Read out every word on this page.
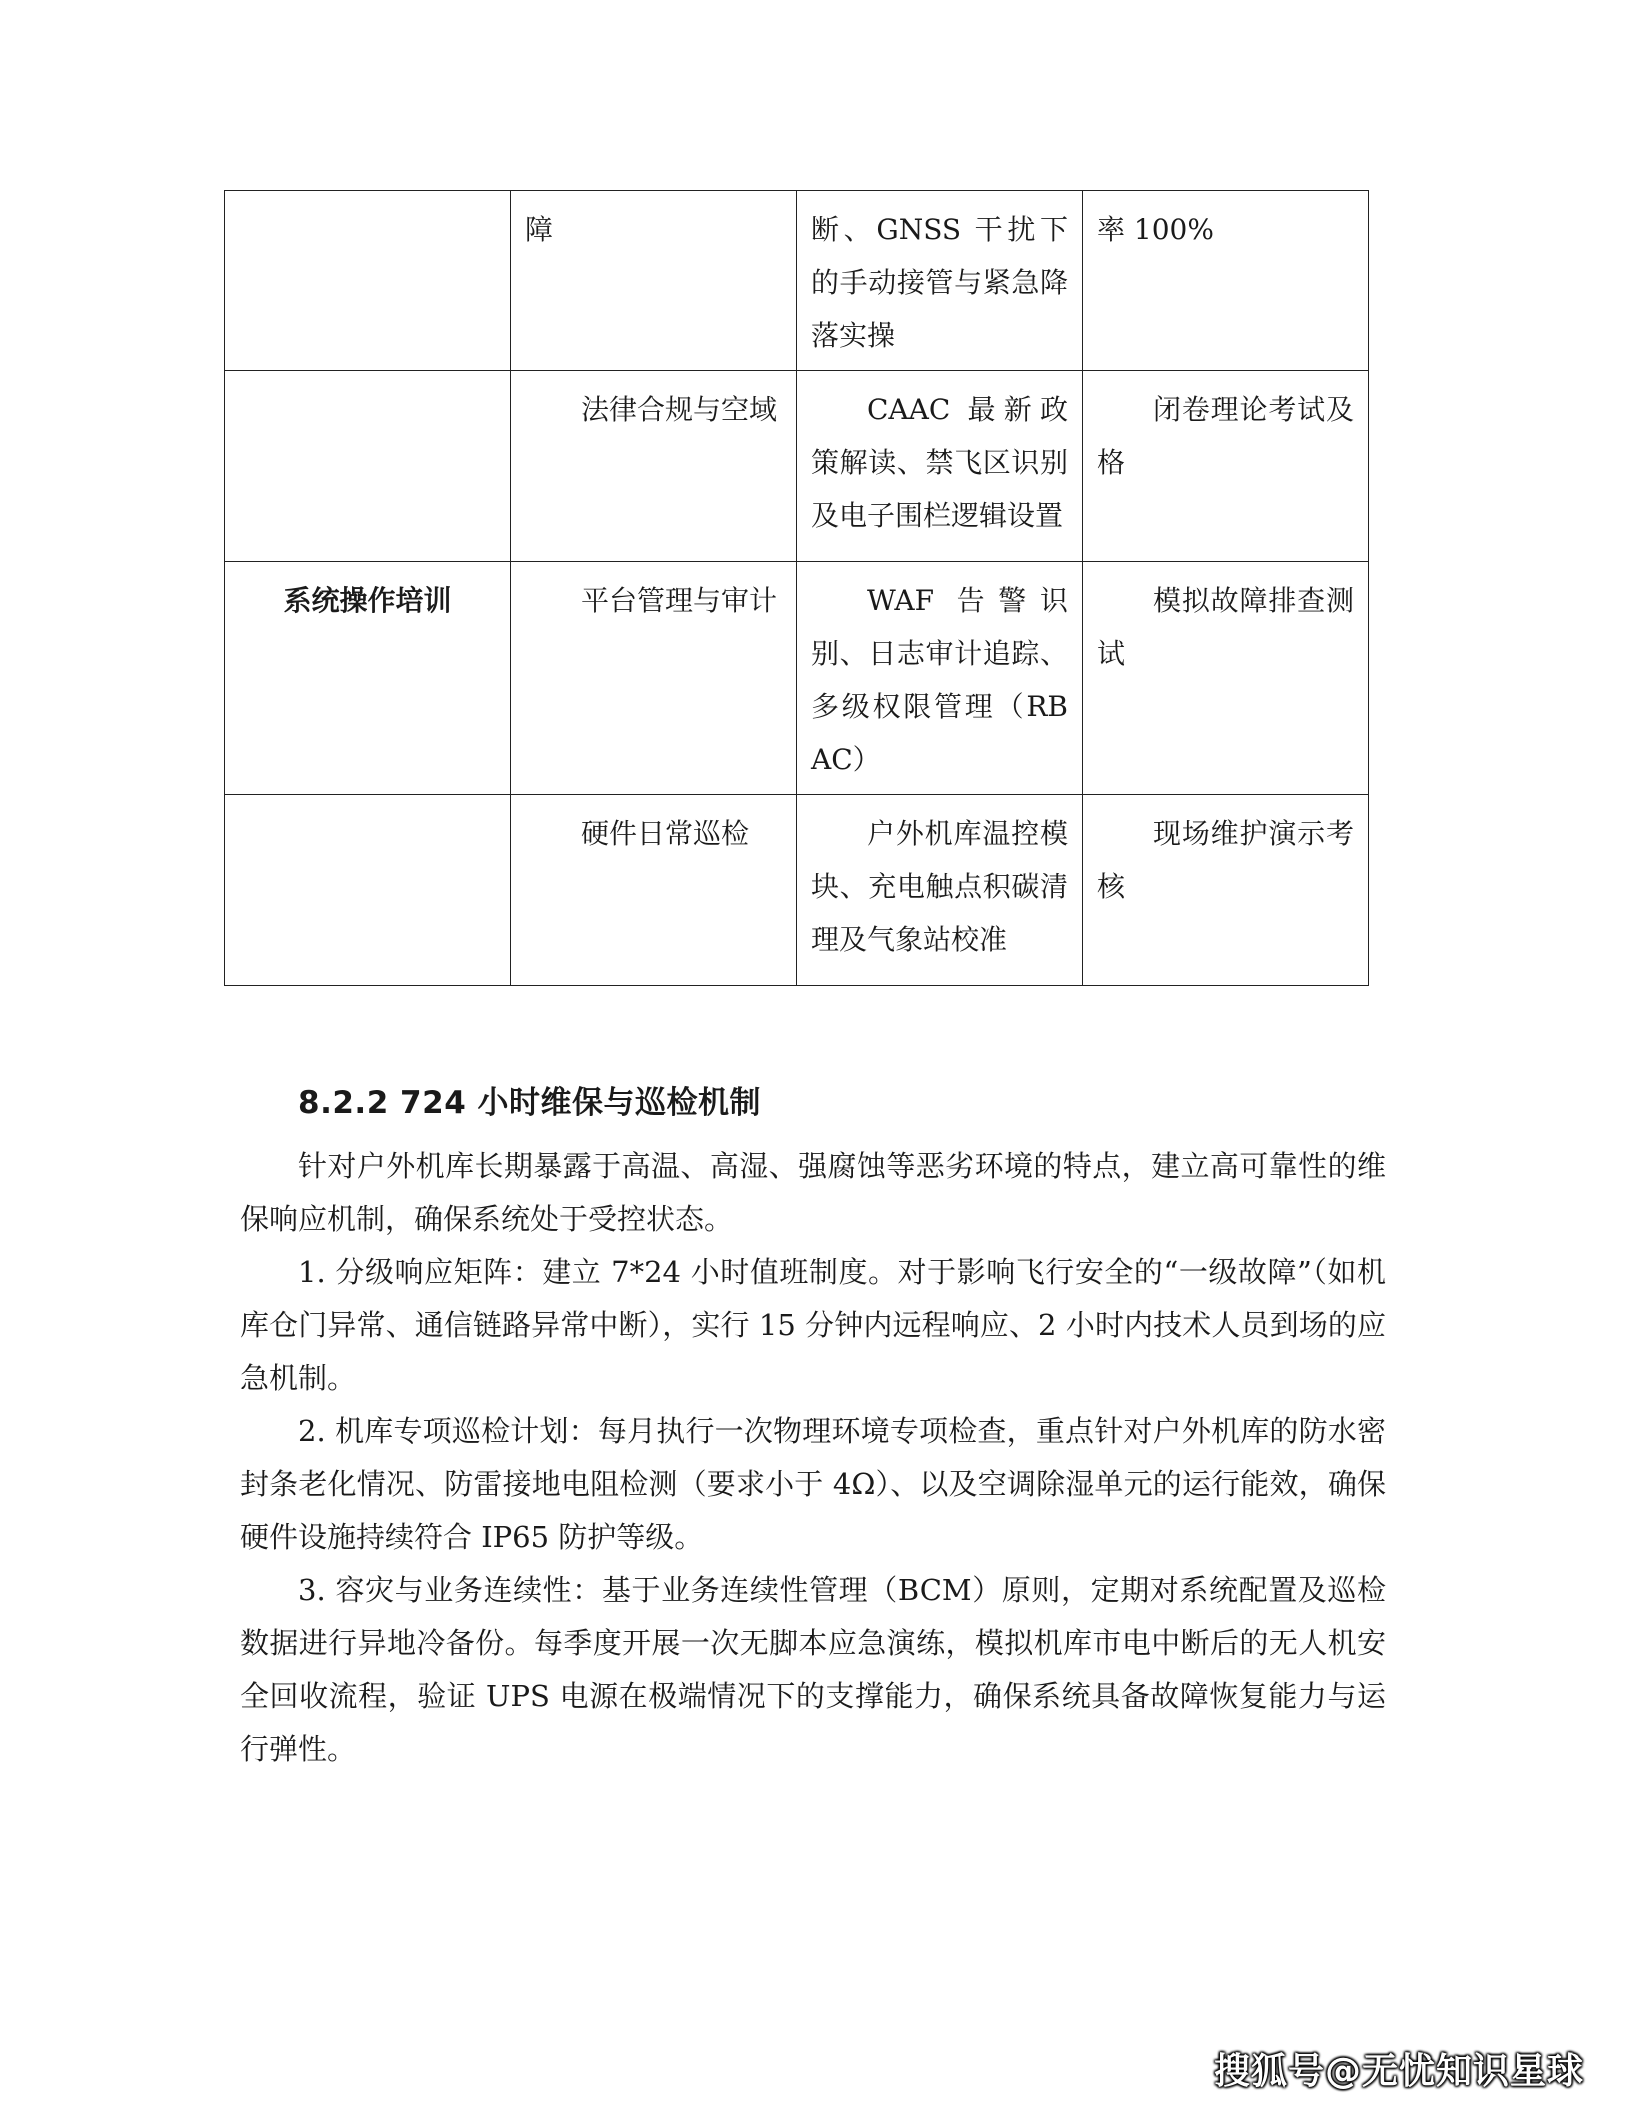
	障	断、GNSS 干扰下的手动接管与紧急降落实操	率 100%
	法律合规与空域	CAAC 最新政策解读、禁飞区识别及电子围栏逻辑设置	闭卷理论考试及格
系统操作培训	平台管理与审计	WAF 告警识别、日志审计追踪、多级权限管理（RBAC）	模拟故障排查测试
	硬件日常巡检	户外机库温控模块、充电触点积碳清理及气象站校准	现场维护演示考核
8.2.2 724 小时维保与巡检机制

针对户外机库长期暴露于高温、高湿、强腐蚀等恶劣环境的特点，建立高可靠性的维保响应机制，确保系统处于受控状态。

1. 分级响应矩阵：建立 7*24 小时值班制度。对于影响飞行安全的“一级故障”（如机库仓门异常、通信链路异常中断），实行 15 分钟内远程响应、2 小时内技术人员到场的应急机制。

2. 机库专项巡检计划：每月执行一次物理环境专项检查，重点针对户外机库的防水密封条老化情况、防雷接地电阻检测（要求小于 4Ω）、以及空调除湿单元的运行能效，确保硬件设施持续符合 IP65 防护等级。

3. 容灾与业务连续性：基于业务连续性管理（BCM）原则，定期对系统配置及巡检数据进行异地冷备份。每季度开展一次无脚本应急演练，模拟机库市电中断后的无人机安全回收流程，验证 UPS 电源在极端情况下的支撑能力，确保系统具备故障恢复能力与运行弹性。

搜狐号@无忧知识星球
